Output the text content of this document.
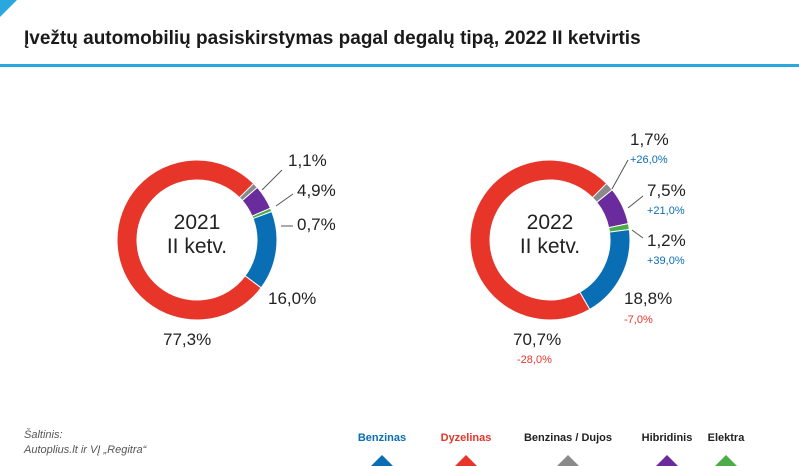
Įvežtų automobilių pasiskirstymas pagal degalų tipą, 2022 II ketvirtis
2021
II ketv.
1,1%
4,9%
0,7%
16,0%
77,3%
2022
II ketv.
1,7%
+26,0%
7,5%
+21,0%
1,2%
+39,0%
18,8%
-7,0%
70,7%
-28,0%
Šaltinis:
Autoplius.lt ir VĮ „Regitra“
Benzinas	Dyzelinas	Benzinas / Dujos	Hibridinis Elektra
